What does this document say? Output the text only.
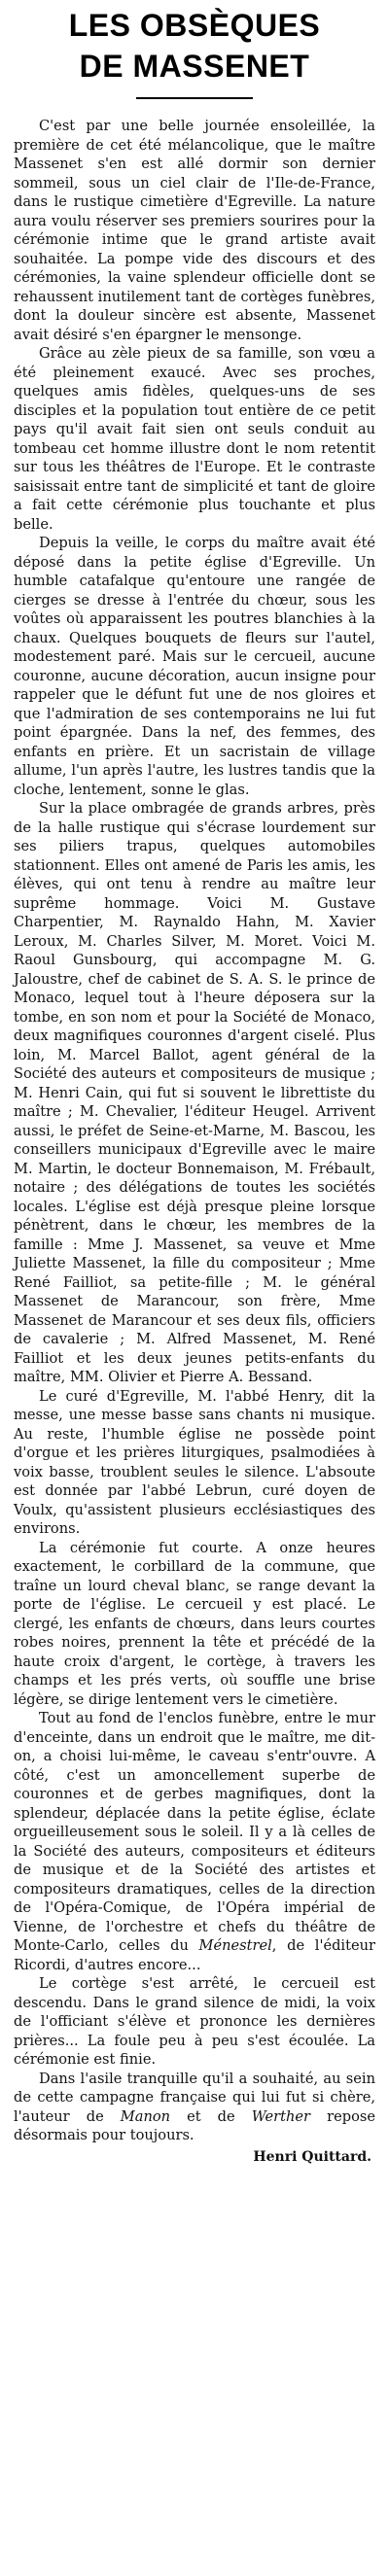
LES OBSÈQUES
DE MASSENET

C'est par une belle journée ensoleillée, la première de cet été mélancolique, que le maître Massenet s'en est allé dormir son dernier sommeil, sous un ciel clair de l'Ile-de-France, dans le rustique cimetière d'Egreville. La nature aura voulu réserver ses premiers sourires pour la cérémonie intime que le grand artiste avait souhaitée. La pompe vide des discours et des cérémonies, la vaine splendeur officielle dont se rehaussent inutilement tant de cortèges funèbres, dont la douleur sincère est absente, Massenet avait désiré s'en épargner le mensonge.

Grâce au zèle pieux de sa famille, son vœu a été pleinement exaucé. Avec ses proches, quelques amis fidèles, quelques-uns de ses disciples et la population tout entière de ce petit pays qu'il avait fait sien ont seuls conduit au tombeau cet homme illustre dont le nom retentit sur tous les théâtres de l'Europe. Et le contraste saisissait entre tant de simplicité et tant de gloire a fait cette cérémonie plus touchante et plus belle.

Depuis la veille, le corps du maître avait été déposé dans la petite église d'Egreville. Un humble catafalque qu'entoure une rangée de cierges se dresse à l'entrée du chœur, sous les voûtes où apparaissent les poutres blanchies à la chaux. Quelques bouquets de fleurs sur l'autel, modestement paré. Mais sur le cercueil, aucune couronne, aucune décoration, aucun insigne pour rappeler que le défunt fut une de nos gloires et que l'admiration de ses contemporains ne lui fut point épargnée. Dans la nef, des femmes, des enfants en prière. Et un sacristain de village allume, l'un après l'autre, les lustres tandis que la cloche, lentement, sonne le glas.

Sur la place ombragée de grands arbres, près de la halle rustique qui s'écrase lourdement sur ses piliers trapus, quelques automobiles stationnent. Elles ont amené de Paris les amis, les élèves, qui ont tenu à rendre au maître leur suprême hommage. Voici M. Gustave Charpentier, M. Raynaldo Hahn, M. Xavier Leroux, M. Charles Silver, M. Moret. Voici M. Raoul Gunsbourg, qui accompagne M. G. Jaloustre, chef de cabinet de S. A. S. le prince de Monaco, lequel tout à l'heure déposera sur la tombe, en son nom et pour la Société de Monaco, deux magnifiques couronnes d'argent ciselé. Plus loin, M. Marcel Ballot, agent général de la Société des auteurs et compositeurs de musique ; M. Henri Cain, qui fut si souvent le librettiste du maître ; M. Chevalier, l'éditeur Heugel. Arrivent aussi, le préfet de Seine-et-Marne, M. Bascou, les conseillers municipaux d'Egreville avec le maire M. Martin, le docteur Bonnemaison, M. Frébault, notaire ; des délégations de toutes les sociétés locales. L'église est déjà presque pleine lorsque pénètrent, dans le chœur, les membres de la famille : Mme J. Massenet, sa veuve et Mme Juliette Massenet, la fille du compositeur ; Mme René Failliot, sa petite-fille ; M. le général Massenet de Marancour, son frère, Mme Massenet de Marancour et ses deux fils, officiers de cavalerie ; M. Alfred Massenet, M. René Failliot et les deux jeunes petits-enfants du maître, MM. Olivier et Pierre A. Bessand.

Le curé d'Egreville, M. l'abbé Henry, dit la messe, une messe basse sans chants ni musique. Au reste, l'humble église ne possède point d'orgue et les prières liturgiques, psalmodiées à voix basse, troublent seules le silence. L'absoute est donnée par l'abbé Lebrun, curé doyen de Voulx, qu'assistent plusieurs ecclésiastiques des environs.

La cérémonie fut courte. A onze heures exactement, le corbillard de la commune, que traîne un lourd cheval blanc, se range devant la porte de l'église. Le cercueil y est placé. Le clergé, les enfants de chœurs, dans leurs courtes robes noires, prennent la tête et précédé de la haute croix d'argent, le cortège, à travers les champs et les prés verts, où souffle une brise légère, se dirige lentement vers le cimetière.

Tout au fond de l'enclos funèbre, entre le mur d'enceinte, dans un endroit que le maître, me dit-on, a choisi lui-même, le caveau s'entr'ouvre. A côté, c'est un amoncellement superbe de couronnes et de gerbes magnifiques, dont la splendeur, déplacée dans la petite église, éclate orgueilleusement sous le soleil. Il y a là celles de la Société des auteurs, compositeurs et éditeurs de musique et de la Société des artistes et compositeurs dramatiques, celles de la direction de l'Opéra-Comique, de l'Opéra impérial de Vienne, de l'orchestre et chefs du théâtre de Monte-Carlo, celles du Ménestrel, de l'éditeur Ricordi, d'autres encore...

Le cortège s'est arrêté, le cercueil est descendu. Dans le grand silence de midi, la voix de l'officiant s'élève et prononce les dernières prières... La foule peu à peu s'est écoulée. La cérémonie est finie.

Dans l'asile tranquille qu'il a souhaité, au sein de cette campagne française qui lui fut si chère, l'auteur de Manon et de Werther repose désormais pour toujours.

Henri Quittard.
